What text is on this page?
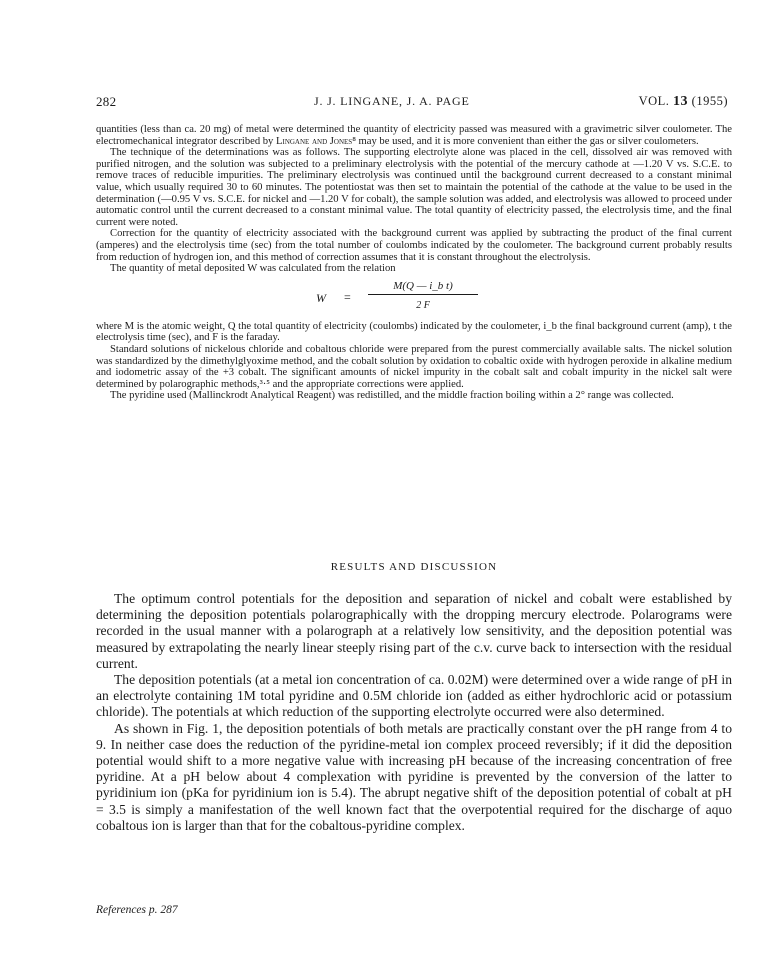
282	J. J. LINGANE, J. A. PAGE	VOL. 13 (1955)

quantities (less than ca. 20 mg) of metal were determined the quantity of electricity passed was measured with a gravimetric silver coulometer. The electromechanical integrator described by Lingane and Jones⁸ may be used, and it is more convenient than either the gas or silver coulometers.

The technique of the determinations was as follows. The supporting electrolyte alone was placed in the cell, dissolved air was removed with purified nitrogen, and the solution was subjected to a preliminary electrolysis with the potential of the mercury cathode at —1.20 V vs. S.C.E. to remove traces of reducible impurities. The preliminary electrolysis was continued until the background current decreased to a constant minimal value, which usually required 30 to 60 minutes. The potentiostat was then set to maintain the potential of the cathode at the value to be used in the determination (—0.95 V vs. S.C.E. for nickel and —1.20 V for cobalt), the sample solution was added, and electrolysis was allowed to proceed under automatic control until the current decreased to a constant minimal value. The total quantity of electricity passed, the electrolysis time, and the final current were noted.

Correction for the quantity of electricity associated with the background current was applied by subtracting the product of the final current (amperes) and the electrolysis time (sec) from the total number of coulombs indicated by the coulometer. The background current probably results from reduction of hydrogen ion, and this method of correction assumes that it is constant throughout the electrolysis.

The quantity of metal deposited W was calculated from the relation

W =
M(Q — i_b t)
2 F

where M is the atomic weight, Q the total quantity of electricity (coulombs) indicated by the coulometer, i_b the final background current (amp), t the electrolysis time (sec), and F is the faraday.

Standard solutions of nickelous chloride and cobaltous chloride were prepared from the purest commercially available salts. The nickel solution was standardized by the dimethylglyoxime method, and the cobalt solution by oxidation to cobaltic oxide with hydrogen peroxide in alkaline medium and iodometric assay of the +3 cobalt. The significant amounts of nickel impurity in the cobalt salt and cobalt impurity in the nickel salt were determined by polarographic methods,³·⁵ and the appropriate corrections were applied.

The pyridine used (Mallinckrodt Analytical Reagent) was redistilled, and the middle fraction boiling within a 2° range was collected.

RESULTS AND DISCUSSION

The optimum control potentials for the deposition and separation of nickel and cobalt were established by determining the deposition potentials polarographically with the dropping mercury electrode. Polarograms were recorded in the usual manner with a polarograph at a relatively low sensitivity, and the deposition potential was measured by extrapolating the nearly linear steeply rising part of the c.v. curve back to intersection with the residual current.

The deposition potentials (at a metal ion concentration of ca. 0.02M) were determined over a wide range of pH in an electrolyte containing 1M total pyridine and 0.5M chloride ion (added as either hydrochloric acid or potassium chloride). The potentials at which reduction of the supporting electrolyte occurred were also determined.

As shown in Fig. 1, the deposition potentials of both metals are practically constant over the pH range from 4 to 9. In neither case does the reduction of the pyridine-metal ion complex proceed reversibly; if it did the deposition potential would shift to a more negative value with increasing pH because of the increasing concentration of free pyridine. At a pH below about 4 complexation with pyridine is prevented by the conversion of the latter to pyridinium ion (pKa for pyridinium ion is 5.4). The abrupt negative shift of the deposition potential of cobalt at pH = 3.5 is simply a manifestation of the well known fact that the overpotential required for the discharge of aquo cobaltous ion is larger than that for the cobaltous-pyridine complex.

References p. 287
